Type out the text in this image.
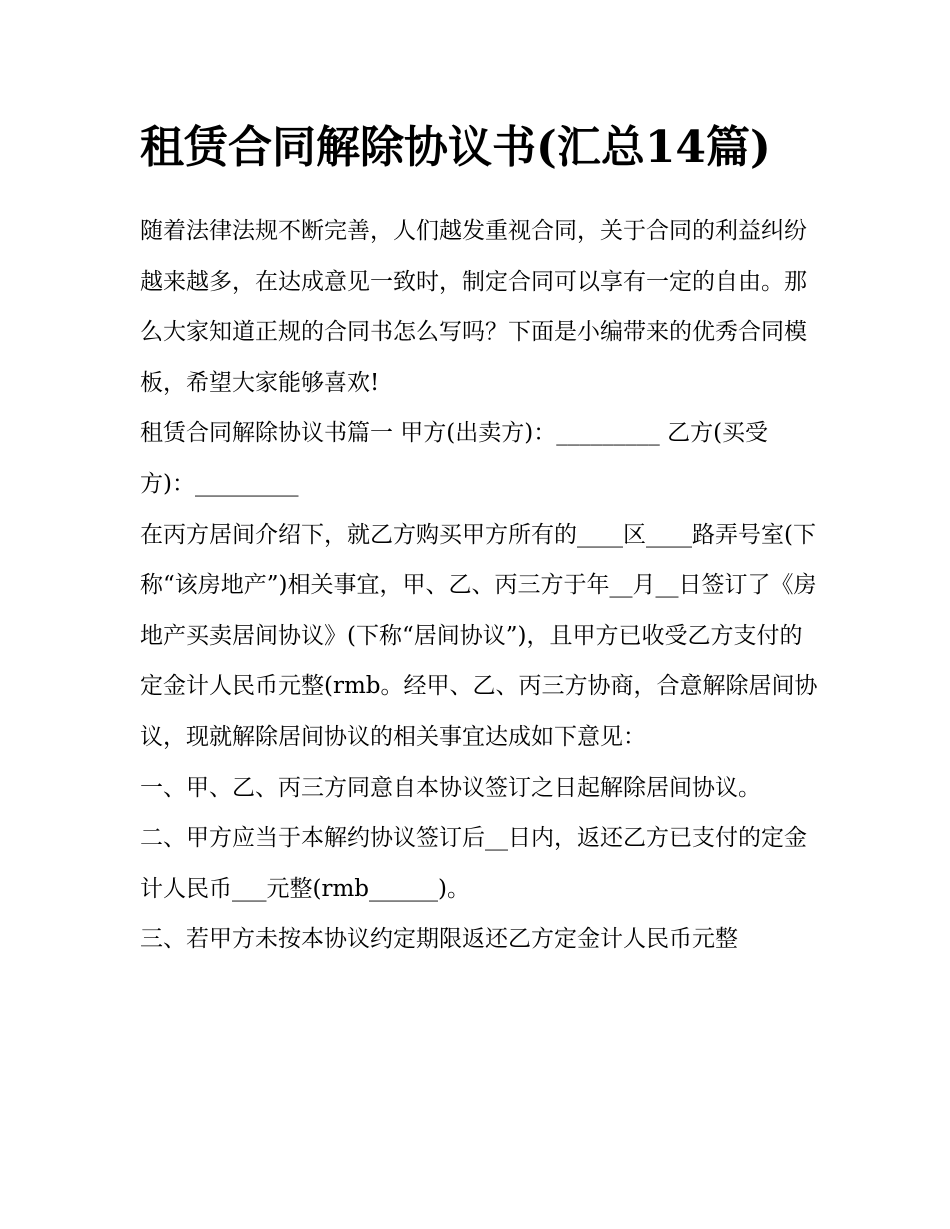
租赁合同解除协议书(汇总14篇)

随着法律法规不断完善，人们越发重视合同，关于合同的利益纠纷越来越多，在达成意见一致时，制定合同可以享有一定的自由。那么大家知道正规的合同书怎么写吗？下面是小编带来的优秀合同模板，希望大家能够喜欢!

租赁合同解除协议书篇一 甲方(出卖方)：_________ 乙方(买受方)：_________

在丙方居间介绍下，就乙方购买甲方所有的____区____路弄号室(下称“该房地产”)相关事宜，甲、乙、丙三方于年__月__日签订了《房地产买卖居间协议》(下称“居间协议”)，且甲方已收受乙方支付的定金计人民币元整(rmb。经甲、乙、丙三方协商，合意解除居间协议，现就解除居间协议的相关事宜达成如下意见：

一、甲、乙、丙三方同意自本协议签订之日起解除居间协议。

二、甲方应当于本解约协议签订后__日内，返还乙方已支付的定金计人民币___元整(rmb______)。

三、若甲方未按本协议约定期限返还乙方定金计人民币元整
